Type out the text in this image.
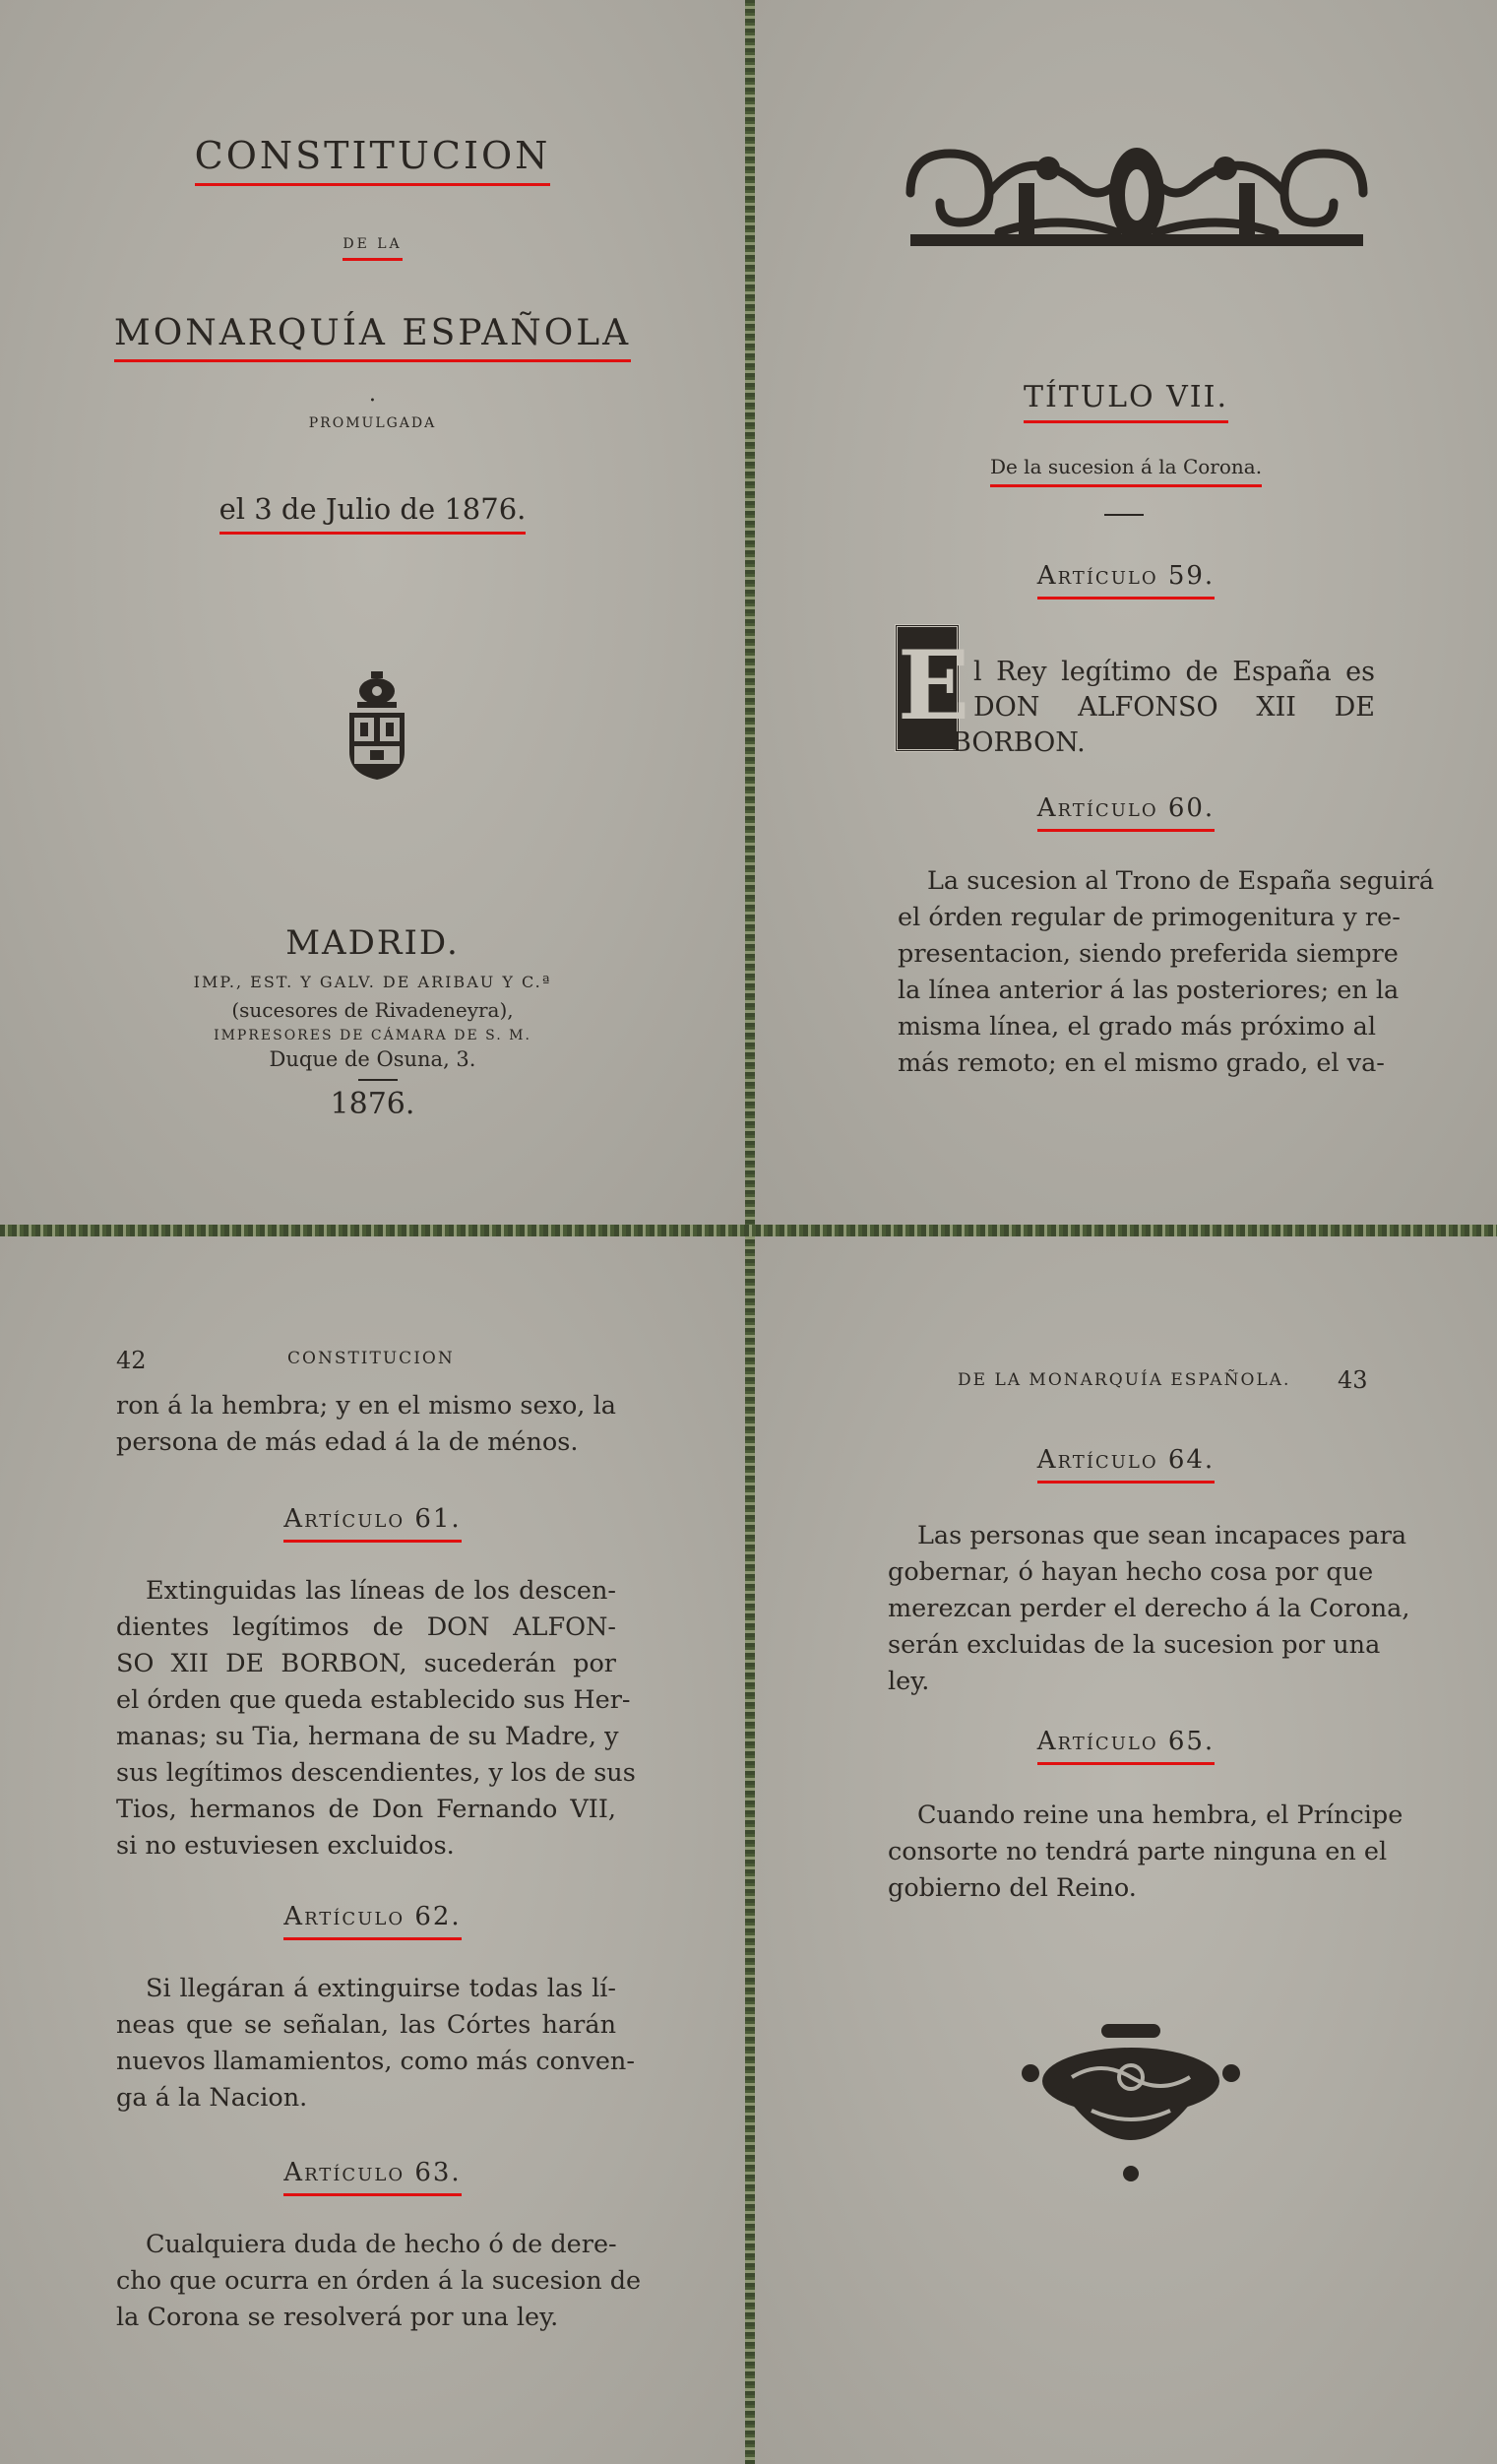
CONSTITUCION
DE LA
MONARQUÍA ESPAÑOLA
•
PROMULGADA
el 3 de Julio de 1876.
MADRID.
IMP., EST. Y GALV. DE ARIBAU Y C.ª
(sucesores de Rivadeneyra),
IMPRESORES DE CÁMARA DE S. M.
Duque de Osuna, 3.
1876.
TÍTULO VII.
De la sucesion á la Corona.
Artículo 59.
E l Rey legítimo de España es
DON ALFONSO XII DE
BORBON.
Artículo 60.
La sucesion al Trono de España seguirá
el órden regular de primogenitura y re-
presentacion, siendo preferida siempre
la línea anterior á las posteriores; en la
misma línea, el grado más próximo al
más remoto; en el mismo grado, el va-
42	CONSTITUCION
ron á la hembra; y en el mismo sexo, la
persona de más edad á la de ménos.
Artículo 61.
Extinguidas las líneas de los descen-
dientes legítimos de DON ALFON-
SO XII DE BORBON, sucederán por
el órden que queda establecido sus Her-
manas; su Tia, hermana de su Madre, y
sus legítimos descendientes, y los de sus
Tios, hermanos de Don Fernando VII,
si no estuviesen excluidos.
Artículo 62.
Si llegáran á extinguirse todas las lí-
neas que se señalan, las Córtes harán
nuevos llamamientos, como más conven-
ga á la Nacion.
Artículo 63.
Cualquiera duda de hecho ó de dere-
cho que ocurra en órden á la sucesion de
la Corona se resolverá por una ley.
DE LA MONARQUÍA ESPAÑOLA. 43
Artículo 64.
Las personas que sean incapaces para
gobernar, ó hayan hecho cosa por que
merezcan perder el derecho á la Corona,
serán excluidas de la sucesion por una
ley.
Artículo 65.
Cuando reine una hembra, el Príncipe
consorte no tendrá parte ninguna en el
gobierno del Reino.
